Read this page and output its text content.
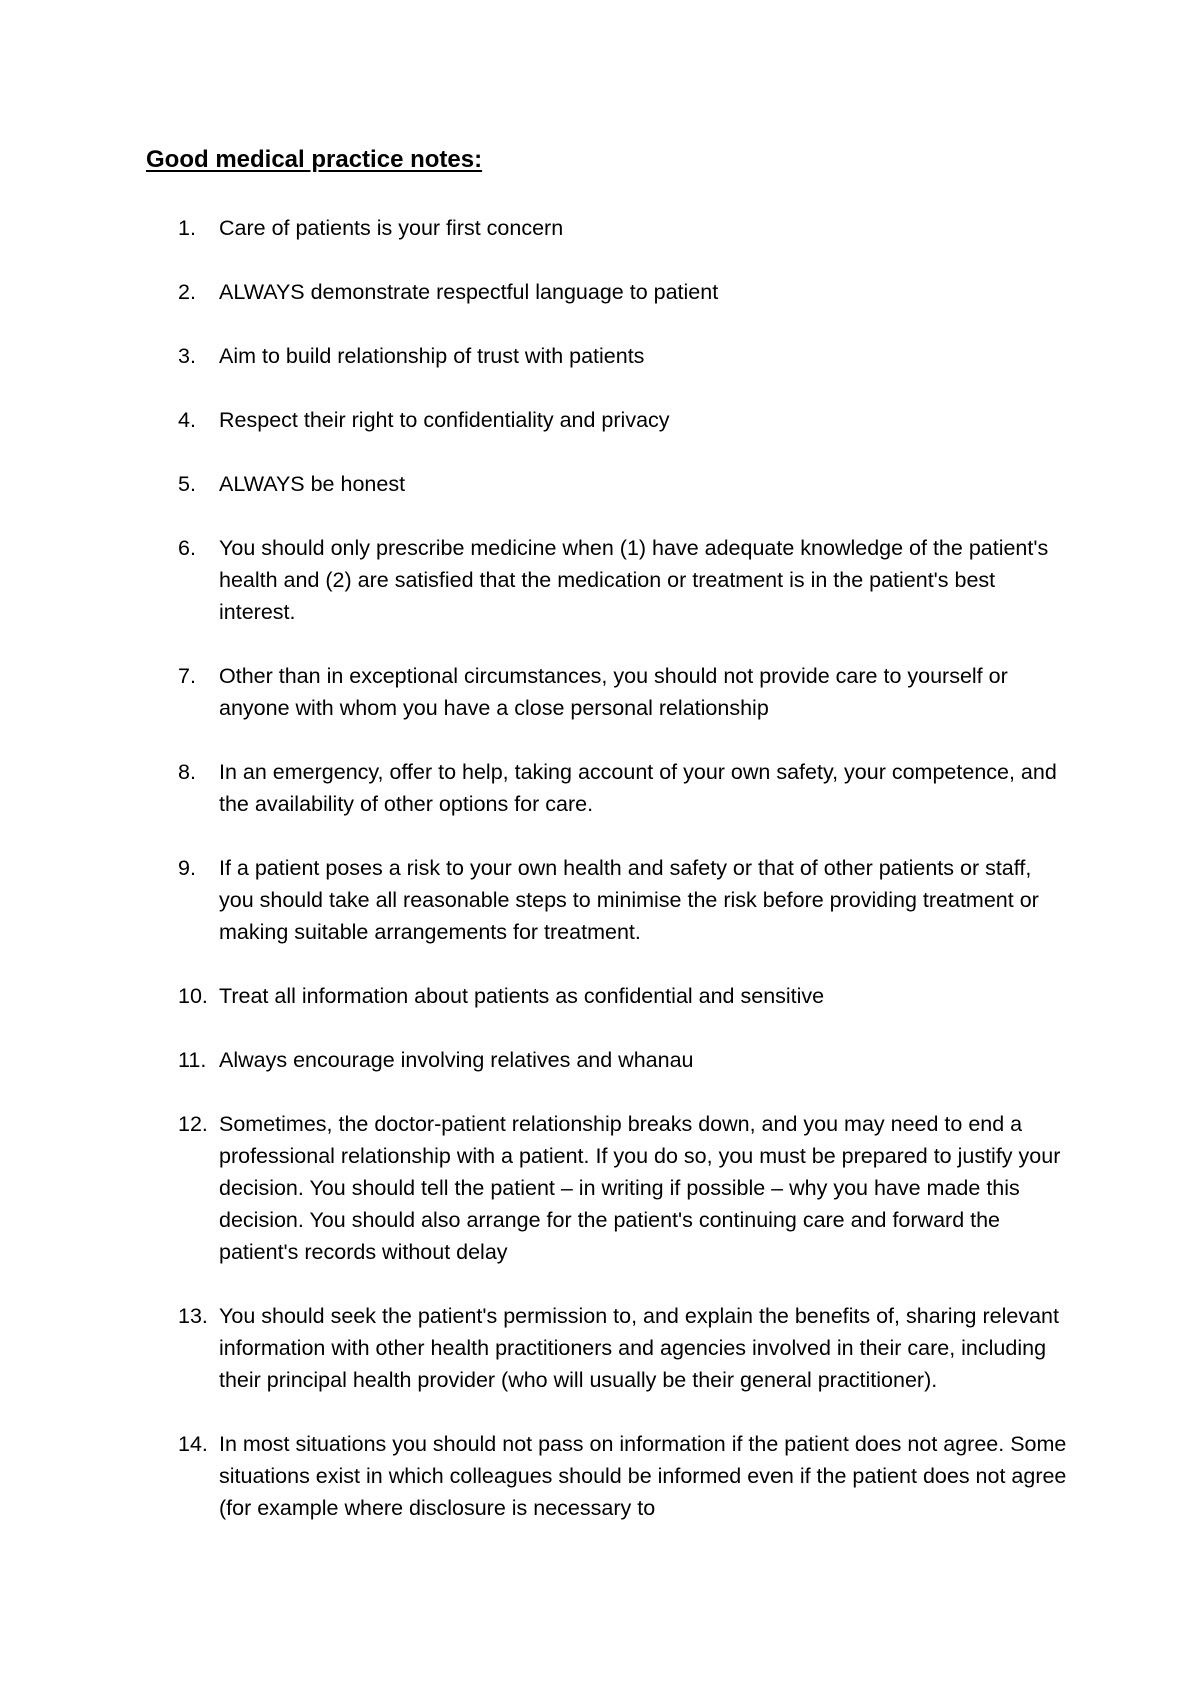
Good medical practice notes:
1. Care of patients is your first concern
2. ALWAYS demonstrate respectful language to patient
3. Aim to build relationship of trust with patients
4. Respect their right to confidentiality and privacy
5. ALWAYS be honest
6. You should only prescribe medicine when (1) have adequate knowledge of the patient's health and (2) are satisfied that the medication or treatment is in the patient's best interest.
7. Other than in exceptional circumstances, you should not provide care to yourself or anyone with whom you have a close personal relationship
8. In an emergency, offer to help, taking account of your own safety, your competence, and the availability of other options for care.
9. If a patient poses a risk to your own health and safety or that of other patients or staff, you should take all reasonable steps to minimise the risk before providing treatment or making suitable arrangements for treatment.
10. Treat all information about patients as confidential and sensitive
11. Always encourage involving relatives and whanau
12. Sometimes, the doctor-patient relationship breaks down, and you may need to end a professional relationship with a patient. If you do so, you must be prepared to justify your decision. You should tell the patient – in writing if possible – why you have made this decision. You should also arrange for the patient's continuing care and forward the patient's records without delay
13. You should seek the patient's permission to, and explain the benefits of, sharing relevant information with other health practitioners and agencies involved in their care, including their principal health provider (who will usually be their general practitioner).
14. In most situations you should not pass on information if the patient does not agree. Some situations exist in which colleagues should be informed even if the patient does not agree (for example where disclosure is necessary to
